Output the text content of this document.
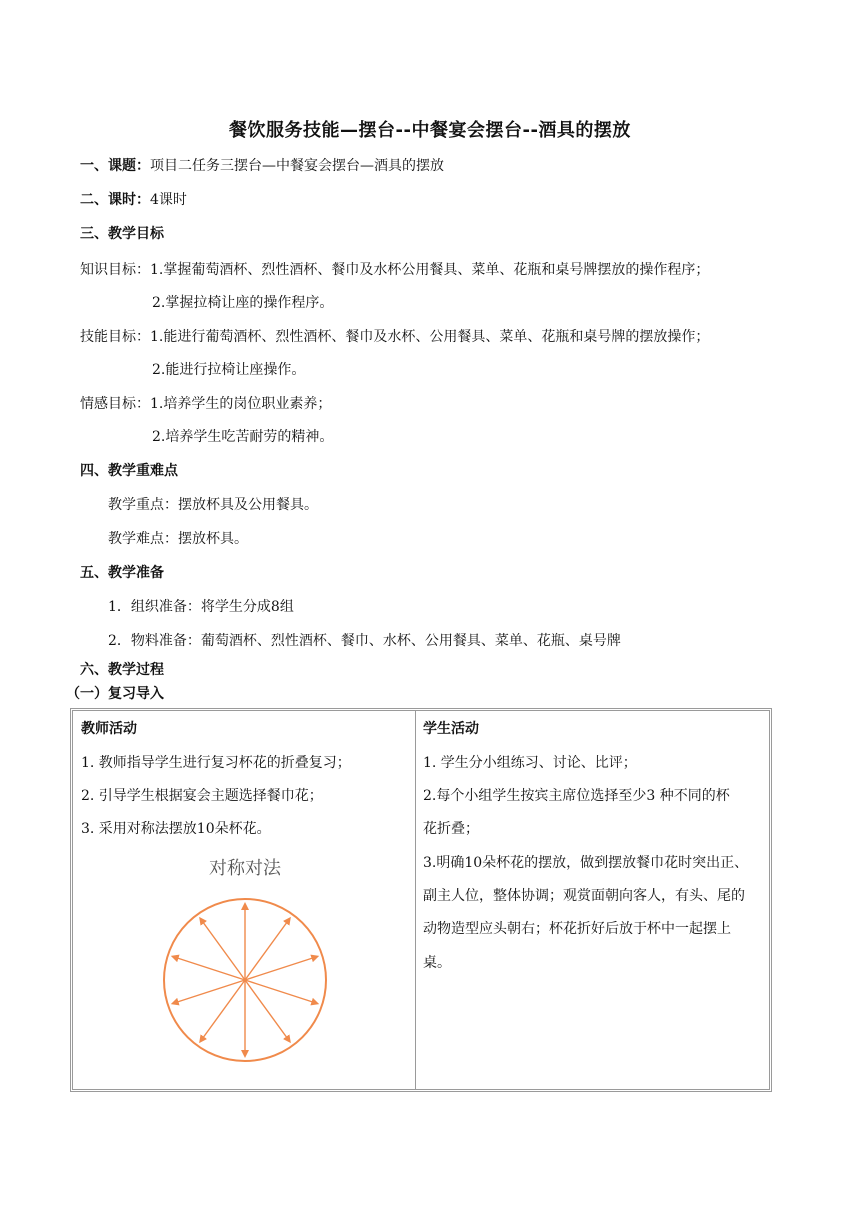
餐饮服务技能—摆台--中餐宴会摆台--酒具的摆放
一、课题：项目二任务三摆台—中餐宴会摆台—酒具的摆放
二、课时：4课时
三、教学目标
知识目标：1.掌握葡萄酒杯、烈性酒杯、餐巾及水杯公用餐具、菜单、花瓶和桌号牌摆放的操作程序；
2.掌握拉椅让座的操作程序。
技能目标：1.能进行葡萄酒杯、烈性酒杯、餐巾及水杯、公用餐具、菜单、花瓶和桌号牌的摆放操作；
2.能进行拉椅让座操作。
情感目标：1.培养学生的岗位职业素养；
2.培养学生吃苦耐劳的精神。
四、教学重难点
教学重点：摆放杯具及公用餐具。
教学难点：摆放杯具。
五、教学准备
1．组织准备：将学生分成8组
2．物料准备：葡萄酒杯、烈性酒杯、餐巾、水杯、公用餐具、菜单、花瓶、桌号牌
六、教学过程
（一）复习导入
教师活动
1. 教师指导学生进行复习杯花的折叠复习；
2. 引导学生根据宴会主题选择餐巾花；
3. 采用对称法摆放10朵杯花。
对称对法
学生活动
1. 学生分小组练习、讨论、比评；
2.每个小组学生按宾主席位选择至少3 种不同的杯
花折叠；
3.明确10朵杯花的摆放，做到摆放餐巾花时突出正、
副主人位，整体协调；观赏面朝向客人，有头、尾的
动物造型应头朝右；杯花折好后放于杯中一起摆上
桌。
